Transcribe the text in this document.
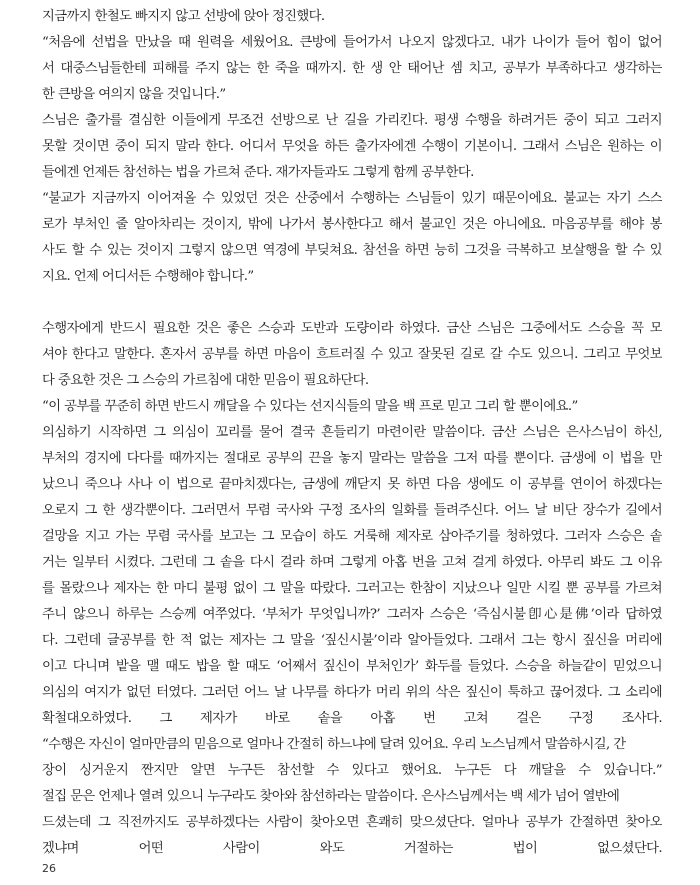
지금까지 한철도 빠지지 않고 선방에 앉아 정진했다.
“처음에 선법을 만났을 때 원력을 세웠어요. 큰방에 들어가서 나오지 않겠다고. 내가 나이가 들어 힘이 없어
서 대중스님들한테 피해를 주지 않는 한 죽을 때까지. 한 생 안 태어난 셈 치고, 공부가 부족하다고 생각하는
한 큰방을 여의지 않을 것입니다.”
스님은 출가를 결심한 이들에게 무조건 선방으로 난 길을 가리킨다. 평생 수행을 하려거든 중이 되고 그러지
못할 것이면 중이 되지 말라 한다. 어디서 무엇을 하든 출가자에겐 수행이 기본이니. 그래서 스님은 원하는 이
들에겐 언제든 참선하는 법을 가르쳐 준다. 재가자들과도 그렇게 함께 공부한다.
“불교가 지금까지 이어져올 수 있었던 것은 산중에서 수행하는 스님들이 있기 때문이에요. 불교는 자기 스스
로가 부처인 줄 알아차리는 것이지, 밖에 나가서 봉사한다고 해서 불교인 것은 아니에요. 마음공부를 해야 봉
사도 할 수 있는 것이지 그렇지 않으면 역경에 부딪쳐요. 참선을 하면 능히 그것을 극복하고 보살행을 할 수 있
지요. 언제 어디서든 수행해야 합니다.”
수행자에게 반드시 필요한 것은 좋은 스승과 도반과 도량이라 하였다. 금산 스님은 그중에서도 스승을 꼭 모
셔야 한다고 말한다. 혼자서 공부를 하면 마음이 흐트러질 수 있고 잘못된 길로 갈 수도 있으니. 그리고 무엇보
다 중요한 것은 그 스승의 가르침에 대한 믿음이 필요하단다.
“이 공부를 꾸준히 하면 반드시 깨달을 수 있다는 선지식들의 말을 백 프로 믿고 그리 할 뿐이에요.”
의심하기 시작하면 그 의심이 꼬리를 물어 결국 흔들리기 마련이란 말씀이다. 금산 스님은 은사스님이 하신,
부처의 경지에 다다를 때까지는 절대로 공부의 끈을 놓지 말라는 말씀을 그저 따를 뿐이다. 금생에 이 법을 만
났으니 죽으나 사나 이 법으로 끝마치겠다는, 금생에 깨닫지 못 하면 다음 생에도 이 공부를 연이어 하겠다는
오로지 그 한 생각뿐이다. 그러면서 무렴 국사와 구정 조사의 일화를 들려주신다. 어느 날 비단 장수가 길에서
걸망을 지고 가는 무렴 국사를 보고는 그 모습이 하도 거룩해 제자로 삼아주기를 청하였다. 그러자 스승은 솥
거는 일부터 시켰다. 그런데 그 솥을 다시 걸라 하며 그렇게 아홉 번을 고쳐 걸게 하였다. 아무리 봐도 그 이유
를 몰랐으나 제자는 한 마디 불평 없이 그 말을 따랐다. 그러고는 한참이 지났으나 일만 시킬 뿐 공부를 가르쳐
주니 않으니 하루는 스승께 여쭈었다. ‘부처가 무엇입니까?’ 그러자 스승은 ‘즉심시불卽心是佛’이라 답하였
다. 그런데 글공부를 한 적 없는 제자는 그 말을 ‘짚신시불’이라 알아들었다. 그래서 그는 항시 짚신을 머리에
이고 다니며 밭을 맬 때도 밥을 할 때도 ‘어째서 짚신이 부처인가’ 화두를 들었다. 스승을 하늘같이 믿었으니
의심의 여지가 없던 터였다. 그러던 어느 날 나무를 하다가 머리 위의 삭은 짚신이 툭하고 끊어졌다. 그 소리에
확철대오하였다. 그 제자가 바로 솥을 아홉 번 고쳐 걸은 구정 조사다.
“수행은 자신이 얼마만큼의 믿음으로 얼마나 간절히 하느냐에 달려 있어요. 우리 노스님께서 말씀하시길, 간
장이 싱거운지 짠지만 알면 누구든 참선할 수 있다고 했어요. 누구든 다 깨달을 수 있습니다.”
절집 문은 언제나 열려 있으니 누구라도 찾아와 참선하라는 말씀이다. 은사스님께서는 백 세가 넘어 열반에
드셨는데 그 직전까지도 공부하겠다는 사람이 찾아오면 흔쾌히 맞으셨단다. 얼마나 공부가 간절하면 찾아오
겠냐며 어떤 사람이 와도 거절하는 법이 없으셨단다.
26
